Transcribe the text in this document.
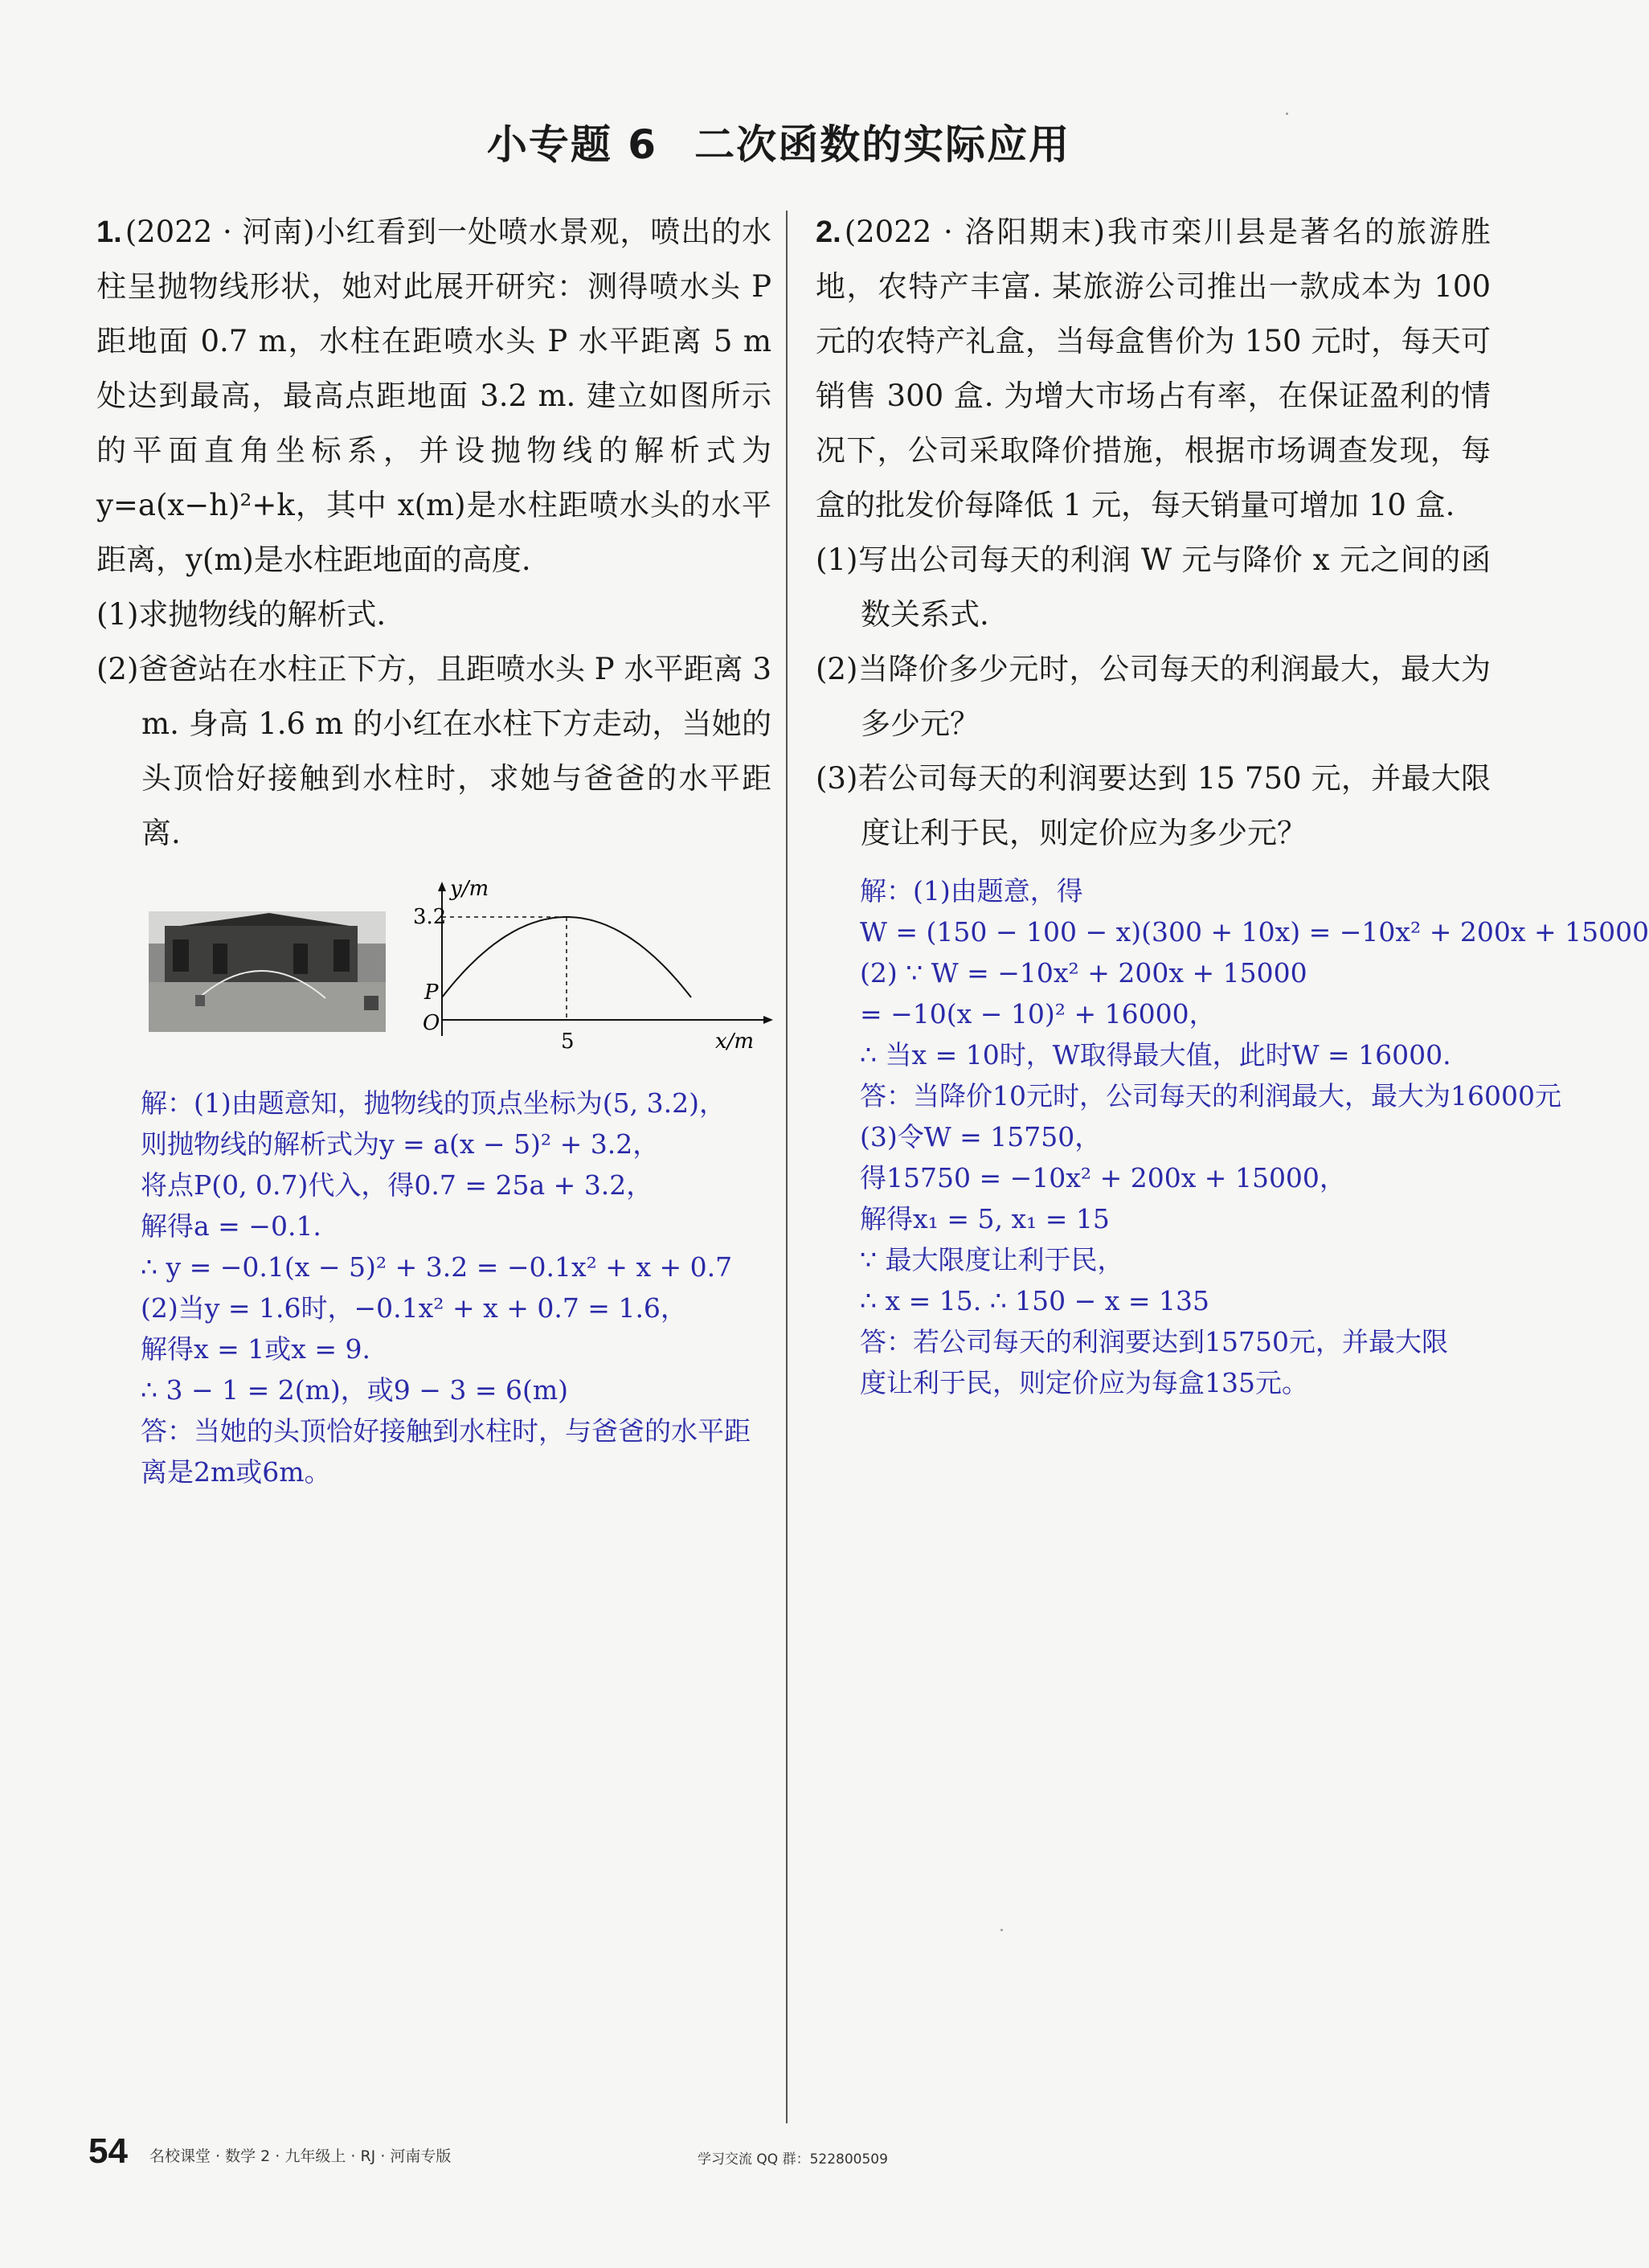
小专题 6 二次函数的实际应用

1. (2022 · 河南)小红看到一处喷水景观，喷出的水柱呈抛物线形状，她对此展开研究：测得喷水头 P 距地面 0.7 m，水柱在距喷水头 P 水平距离 5 m 处达到最高，最高点距地面 3.2 m. 建立如图所示的平面直角坐标系，并设抛物线的解析式为 y=a(x−h)²+k，其中 x(m)是水柱距喷水头的水平距离，y(m)是水柱距地面的高度.

(1)求抛物线的解析式.

(2)爸爸站在水柱正下方，且距喷水头 P 水平距离 3 m. 身高 1.6 m 的小红在水柱下方走动，当她的头顶恰好接触到水柱时，求她与爸爸的水平距离.

y/m
x/m
3.2
5
O
P

解：(1)由题意知，抛物线的顶点坐标为(5, 3.2)，
则抛物线的解析式为y = a(x − 5)² + 3.2，
将点P(0, 0.7)代入，得0.7 = 25a + 3.2，
解得a = −0.1.
∴ y = −0.1(x − 5)² + 3.2 = −0.1x² + x + 0.7
(2)当y = 1.6时，−0.1x² + x + 0.7 = 1.6，
解得x = 1或x = 9.
∴ 3 − 1 = 2(m)，或9 − 3 = 6(m)
答：当她的头顶恰好接触到水柱时，与爸爸的水平距离是2m或6m。

2. (2022 · 洛阳期末)我市栾川县是著名的旅游胜地，农特产丰富. 某旅游公司推出一款成本为 100 元的农特产礼盒，当每盒售价为 150 元时，每天可销售 300 盒. 为增大市场占有率，在保证盈利的情况下，公司采取降价措施，根据市场调查发现，每盒的批发价每降低 1 元，每天销量可增加 10 盒.

(1)写出公司每天的利润 W 元与降价 x 元之间的函数关系式.

(2)当降价多少元时，公司每天的利润最大，最大为多少元？

(3)若公司每天的利润要达到 15 750 元，并最大限度让利于民，则定价应为多少元？

解：(1)由题意，得
W = (150 − 100 − x)(300 + 10x) = −10x² + 200x + 15000
(2) ∵ W = −10x² + 200x + 15000
= −10(x − 10)² + 16000，
∴ 当x = 10时，W取得最大值，此时W = 16000.
答：当降价10元时，公司每天的利润最大，最大为16000元
(3)令W = 15750，
得15750 = −10x² + 200x + 15000，
解得x₁ = 5, x₁ = 15
∵ 最大限度让利于民，
∴ x = 15. ∴ 150 − x = 135
答：若公司每天的利润要达到15750元，并最大限
度让利于民，则定价应为每盒135元。

54 名校课堂 · 数学 2 · 九年级上 · RJ · 河南专版	学习交流 QQ 群：522800509
